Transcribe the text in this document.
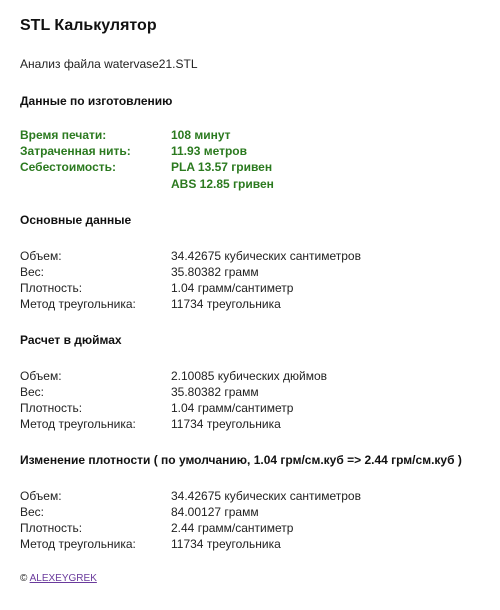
STL Калькулятор
Анализ файла watervase21.STL
Данные по изготовлению
Время печати:	108 минут
Затраченная нить:	11.93 метров
Себестоимость:	PLA 13.57 гривен
ABS 12.85 гривен
Основные данные
Объем:	34.42675 кубических сантиметров
Вес:	35.80382 грамм
Плотность:	1.04 грамм/сантиметр
Метод треугольника:	11734 треугольника
Расчет в дюймах
Объем:	2.10085 кубических дюймов
Вес:	35.80382 грамм
Плотность:	1.04 грамм/сантиметр
Метод треугольника:	11734 треугольника
Изменение плотности ( по умолчанию, 1.04 грм/см.куб => 2.44 грм/см.куб )
Объем:	34.42675 кубических сантиметров
Вес:	84.00127 грамм
Плотность:	2.44 грамм/сантиметр
Метод треугольника:	11734 треугольника
© ALEXEYGREK
